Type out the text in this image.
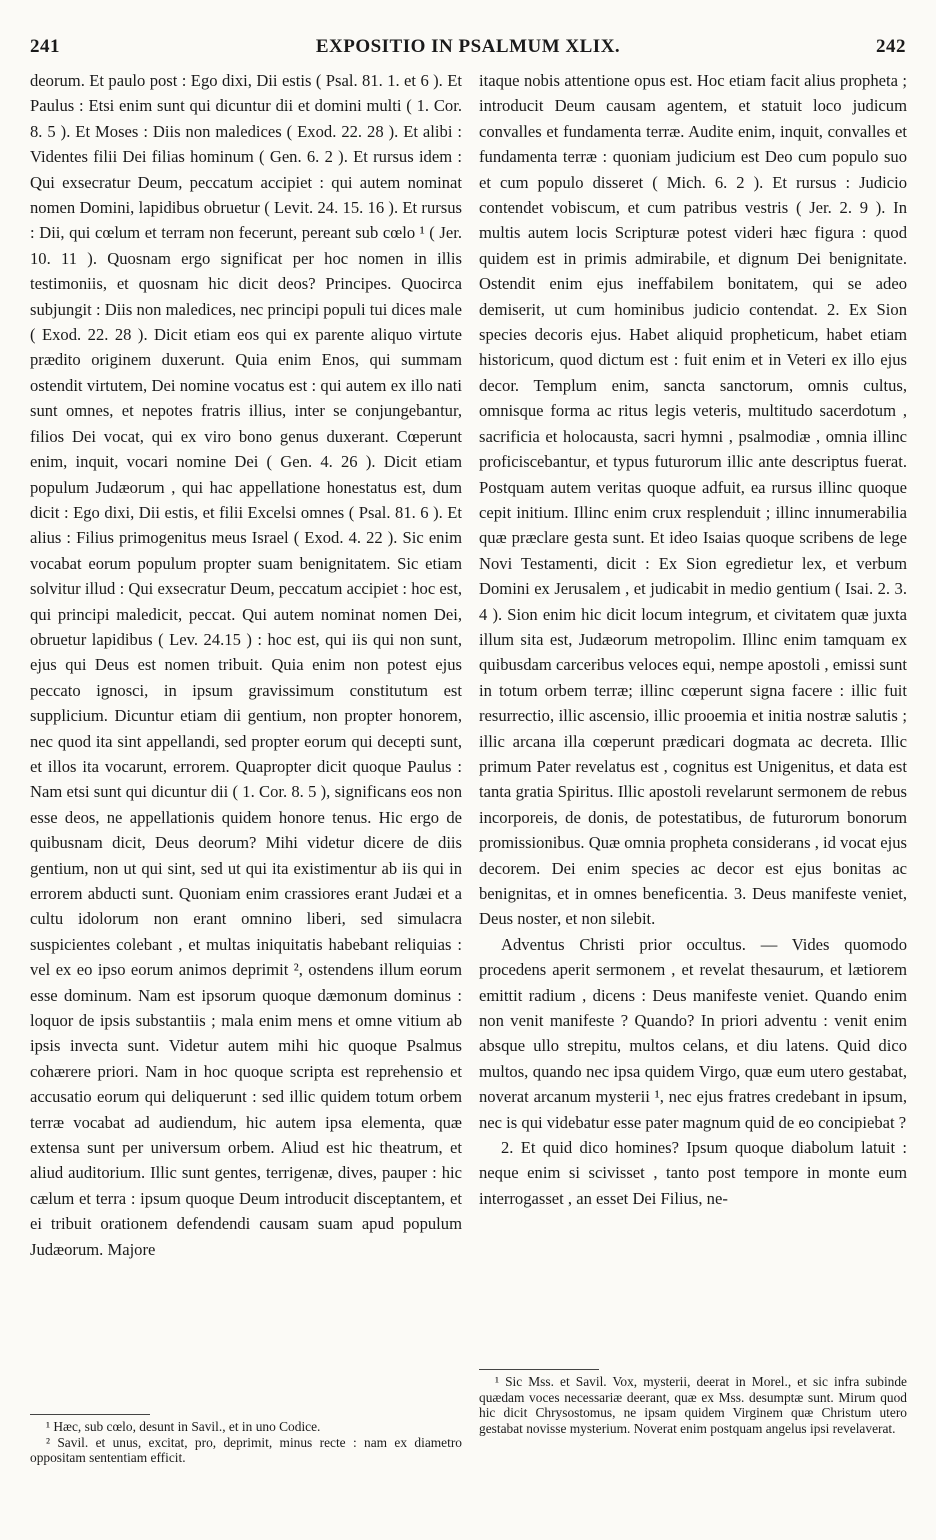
241	EXPOSITIO IN PSALMUM XLIX.	242

deorum. Et paulo post : Ego dixi, Dii estis ( Psal. 81. 1. et 6 ). Et Paulus : Etsi enim sunt qui dicuntur dii et domini multi ( 1. Cor. 8. 5 ). Et Moses : Diis non maledices ( Exod. 22. 28 ). Et alibi : Videntes filii Dei filias hominum ( Gen. 6. 2 ). Et rursus idem : Qui exsecratur Deum, peccatum accipiet : qui autem nominat nomen Domini, lapidibus obruetur ( Levit. 24. 15. 16 ). Et rursus : Dii, qui cœlum et terram non fecerunt, pereant sub cœlo ¹ ( Jer. 10. 11 ). Quosnam ergo significat per hoc nomen in illis testimoniis, et quosnam hic dicit deos? Principes. Quocirca subjungit : Diis non maledices, nec principi populi tui dices male ( Exod. 22. 28 ). Dicit etiam eos qui ex parente aliquo virtute prædito originem duxerunt. Quia enim Enos, qui summam ostendit virtutem, Dei nomine vocatus est : qui autem ex illo nati sunt omnes, et nepotes fratris illius, inter se conjungebantur, filios Dei vocat, qui ex viro bono genus duxerant. Cœperunt enim, inquit, vocari nomine Dei ( Gen. 4. 26 ). Dicit etiam populum Judæorum , qui hac appellatione honestatus est, dum dicit : Ego dixi, Dii estis, et filii Excelsi omnes ( Psal. 81. 6 ). Et alius : Filius primogenitus meus Israel ( Exod. 4. 22 ). Sic enim vocabat eorum populum propter suam benignitatem. Sic etiam solvitur illud : Qui exsecratur Deum, peccatum accipiet : hoc est, qui principi maledicit, peccat. Qui autem nominat nomen Dei, obruetur lapidibus ( Lev. 24.15 ) : hoc est, qui iis qui non sunt, ejus qui Deus est nomen tribuit. Quia enim non potest ejus peccato ignosci, in ipsum gravissimum constitutum est supplicium. Dicuntur etiam dii gentium, non propter honorem, nec quod ita sint appellandi, sed propter eorum qui decepti sunt, et illos ita vocarunt, errorem. Quapropter dicit quoque Paulus : Nam etsi sunt qui dicuntur dii ( 1. Cor. 8. 5 ), significans eos non esse deos, ne appellationis quidem honore tenus. Hic ergo de quibusnam dicit, Deus deorum? Mihi videtur dicere de diis gentium, non ut qui sint, sed ut qui ita existimentur ab iis qui in errorem abducti sunt. Quoniam enim crassiores erant Judæi et a cultu idolorum non erant omnino liberi, sed simulacra suspicientes colebant , et multas iniquitatis habebant reliquias : vel ex eo ipso eorum animos deprimit ², ostendens illum eorum esse dominum. Nam est ipsorum quoque dæmonum dominus : loquor de ipsis substantiis ; mala enim mens et omne vitium ab ipsis invecta sunt. Videtur autem mihi hic quoque Psalmus cohærere priori. Nam in hoc quoque scripta est reprehensio et accusatio eorum qui deliquerunt : sed illic quidem totum orbem terræ vocabat ad audiendum, hic autem ipsa elementa, quæ extensa sunt per universum orbem. Aliud est hic theatrum, et aliud auditorium. Illic sunt gentes, terrigenæ, dives, pauper : hic cælum et terra : ipsum quoque Deum introducit disceptantem, et ei tribuit orationem defendendi causam suam apud populum Judæorum. Majore

itaque nobis attentione opus est. Hoc etiam facit alius propheta ; introducit Deum causam agentem, et statuit loco judicum convalles et fundamenta terræ. Audite enim, inquit, convalles et fundamenta terræ : quoniam judicium est Deo cum populo suo et cum populo disseret ( Mich. 6. 2 ). Et rursus : Judicio contendet vobiscum, et cum patribus vestris ( Jer. 2. 9 ). In multis autem locis Scripturæ potest videri hæc figura : quod quidem est in primis admirabile, et dignum Dei benignitate. Ostendit enim ejus ineffabilem bonitatem, qui se adeo demiserit, ut cum hominibus judicio contendat. 2. Ex Sion species decoris ejus. Habet aliquid propheticum, habet etiam historicum, quod dictum est : fuit enim et in Veteri ex illo ejus decor. Templum enim, sancta sanctorum, omnis cultus, omnisque forma ac ritus legis veteris, multitudo sacerdotum , sacrificia et holocausta, sacri hymni , psalmodiæ , omnia illinc proficiscebantur, et typus futurorum illic ante descriptus fuerat. Postquam autem veritas quoque adfuit, ea rursus illinc quoque cepit initium. Illinc enim crux resplenduit ; illinc innumerabilia quæ præclare gesta sunt. Et ideo Isaias quoque scribens de lege Novi Testamenti, dicit : Ex Sion egredietur lex, et verbum Domini ex Jerusalem , et judicabit in medio gentium ( Isai. 2. 3. 4 ). Sion enim hic dicit locum integrum, et civitatem quæ juxta illum sita est, Judæorum metropolim. Illinc enim tamquam ex quibusdam carceribus veloces equi, nempe apostoli , emissi sunt in totum orbem terræ; illinc cœperunt signa facere : illic fuit resurrectio, illic ascensio, illic prooemia et initia nostræ salutis ; illic arcana illa cœperunt prædicari dogmata ac decreta. Illic primum Pater revelatus est , cognitus est Unigenitus, et data est tanta gratia Spiritus. Illic apostoli revelarunt sermonem de rebus incorporeis, de donis, de potestatibus, de futurorum bonorum promissionibus. Quæ omnia propheta considerans , id vocat ejus decorem. Dei enim species ac decor est ejus bonitas ac benignitas, et in omnes beneficentia. 3. Deus manifeste veniet, Deus noster, et non silebit.

Adventus Christi prior occultus. — Vides quomodo procedens aperit sermonem , et revelat thesaurum, et lætiorem emittit radium , dicens : Deus manifeste veniet. Quando enim non venit manifeste ? Quando? In priori adventu : venit enim absque ullo strepitu, multos celans, et diu latens. Quid dico multos, quando nec ipsa quidem Virgo, quæ eum utero gestabat, noverat arcanum mysterii ¹, nec ejus fratres credebant in ipsum, nec is qui videbatur esse pater magnum quid de eo concipiebat ?

2. Et quid dico homines? Ipsum quoque diabolum latuit : neque enim si scivisset , tanto post tempore in monte eum interrogasset , an esset Dei Filius, ne-

¹ Hæc, sub cœlo, desunt in Savil., et in uno Codice.

² Savil. et unus, excitat, pro, deprimit, minus recte : nam ex diametro oppositam sententiam efficit.

¹ Sic Mss. et Savil. Vox, mysterii, deerat in Morel., et sic infra subinde quædam voces necessariæ deerant, quæ ex Mss. desumptæ sunt. Mirum quod hic dicit Chrysostomus, ne ipsam quidem Virginem quæ Christum utero gestabat novisse mysterium. Noverat enim postquam angelus ipsi revelaverat.
